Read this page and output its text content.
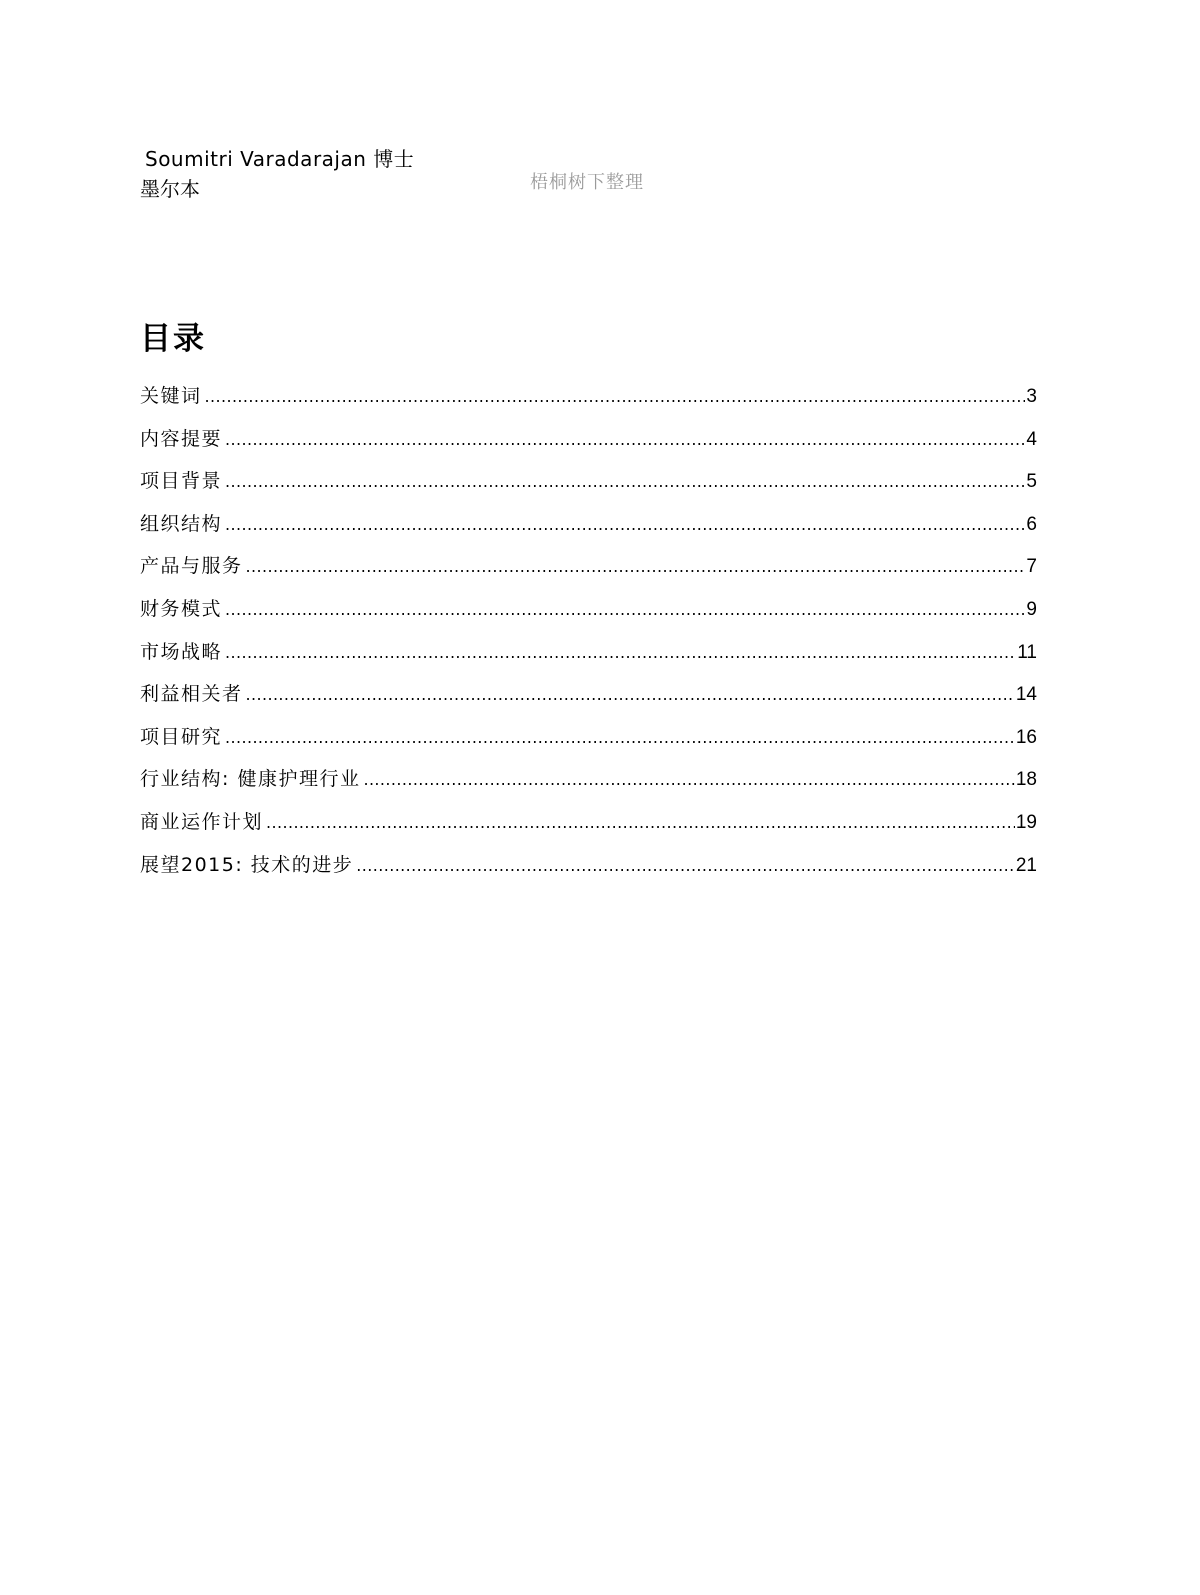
Soumitri Varadarajan 博士
墨尔本	梧桐树下整理
目录
关键词 .....	3
内容提要 .....	4
项目背景 .....	5
组织结构 .....	6
产品与服务 .....	7
财务模式 .....	9
市场战略 .....	11
利益相关者 .....	14
项目研究 .....	16
行业结构: 健康护理行业 .....	18
商业运作计划 .....	19
展望2015: 技术的进步 .....	21
